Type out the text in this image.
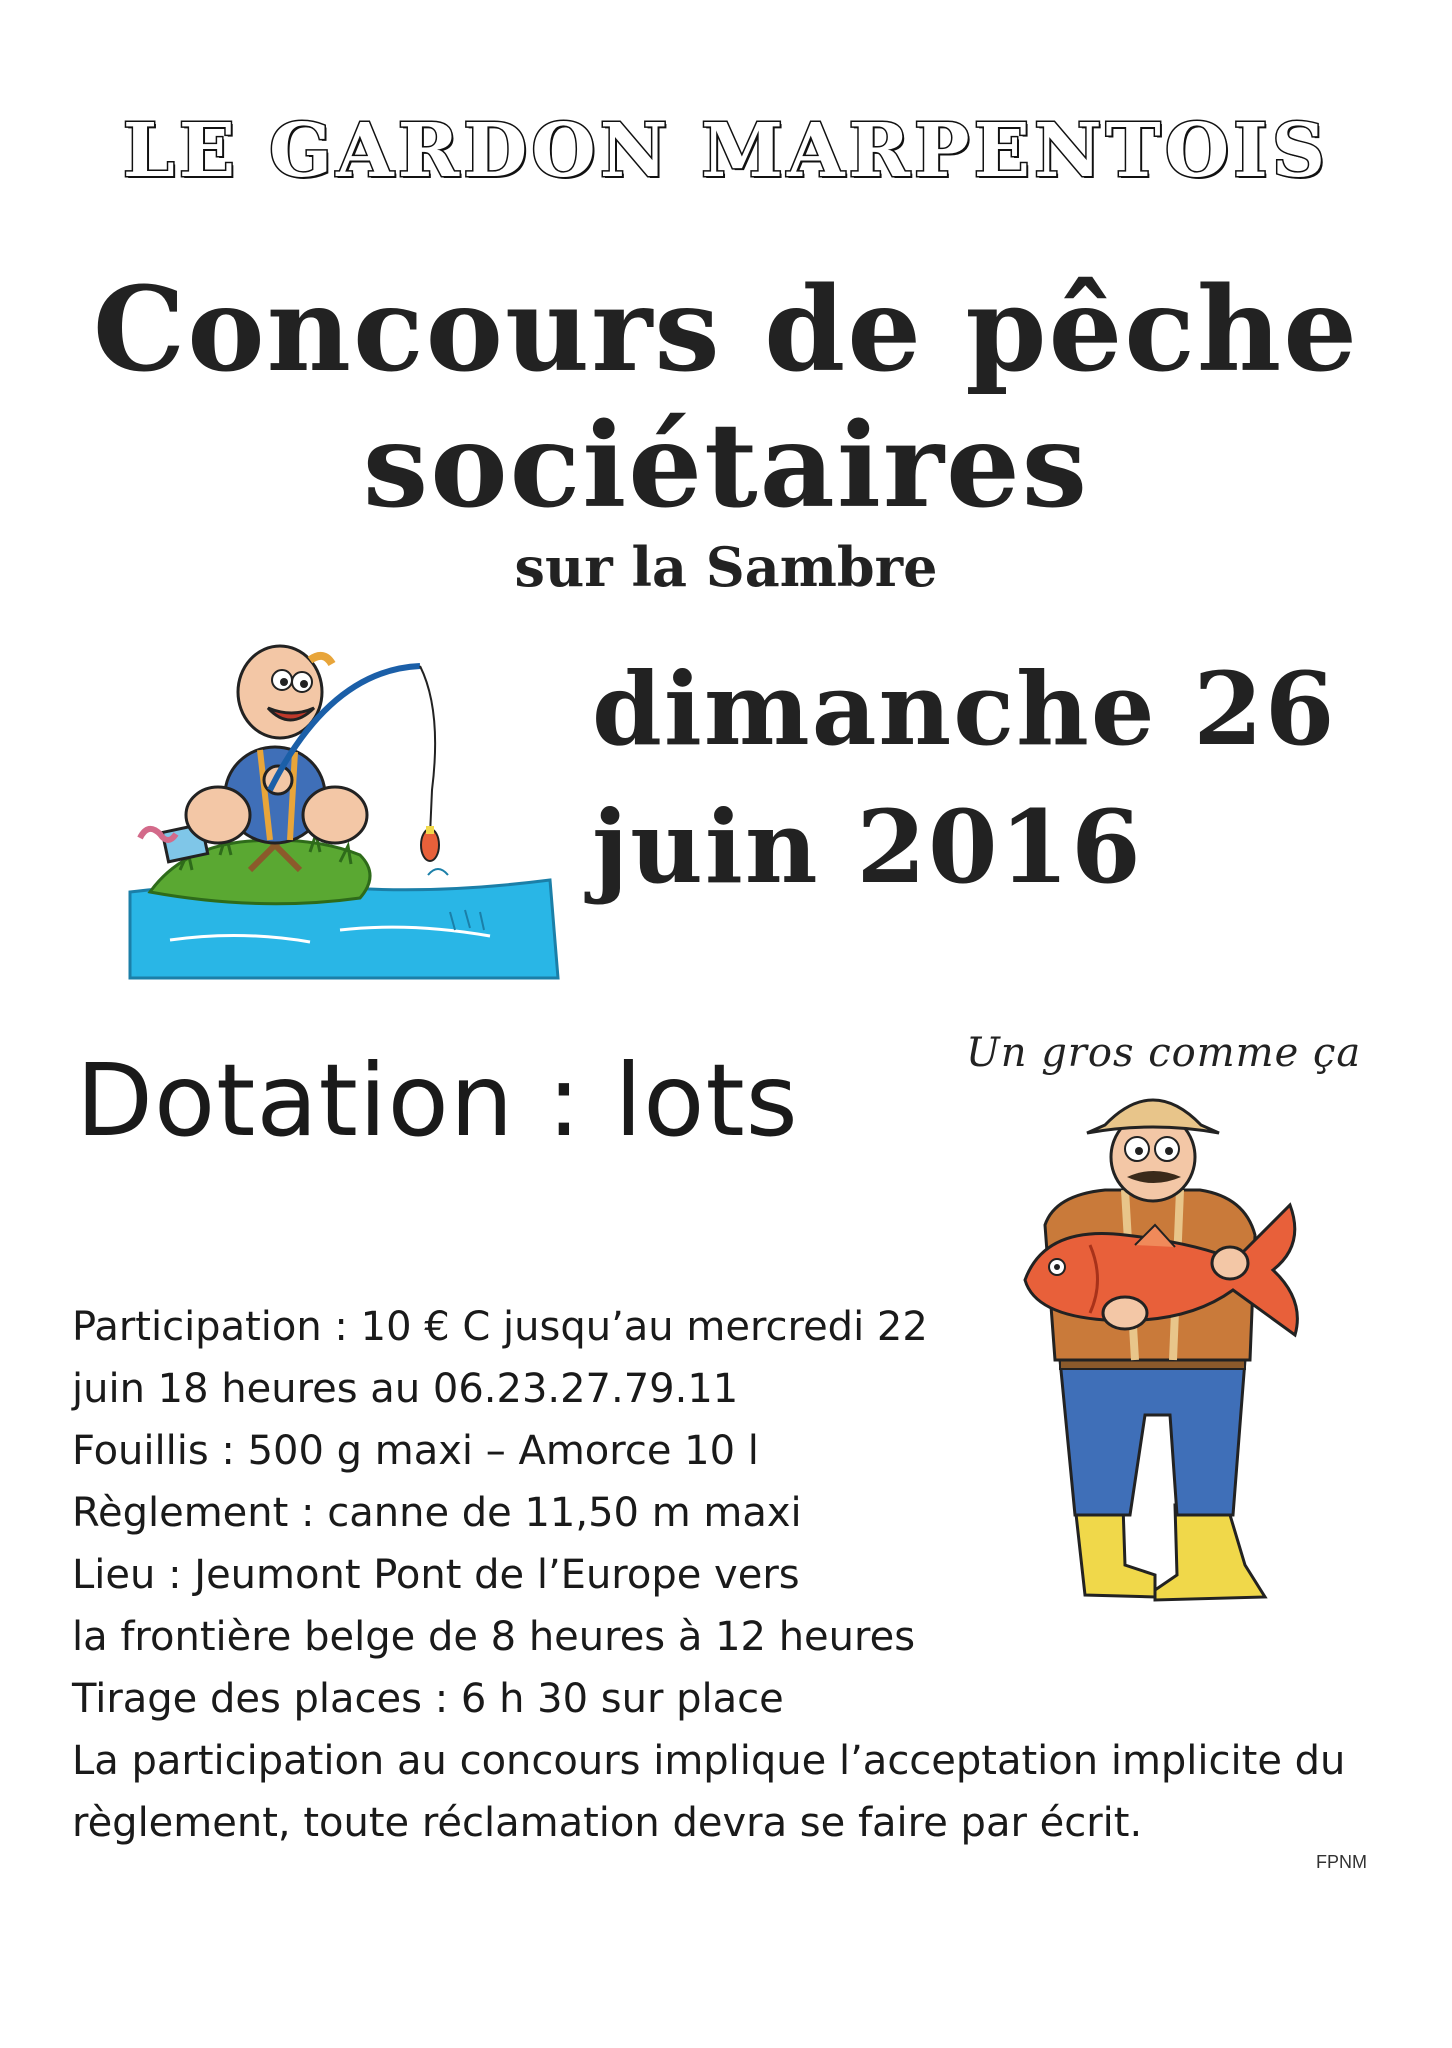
LE GARDON MARPENTOIS
Concours de pêche
sociétaires
sur la Sambre
dimanche 26
juin 2016
Dotation : lots	Un gros comme ça
Participation : 10 € C jusqu’au mercredi 22
juin 18 heures au 06.23.27.79.11
Fouillis : 500 g maxi – Amorce 10 l
Règlement : canne de 11,50 m maxi
Lieu : Jeumont Pont de l’Europe vers
la frontière belge de 8 heures à 12 heures
Tirage des places : 6 h 30 sur place
La participation au concours implique l’acceptation implicite du
règlement, toute réclamation devra se faire par écrit.
FPNM
